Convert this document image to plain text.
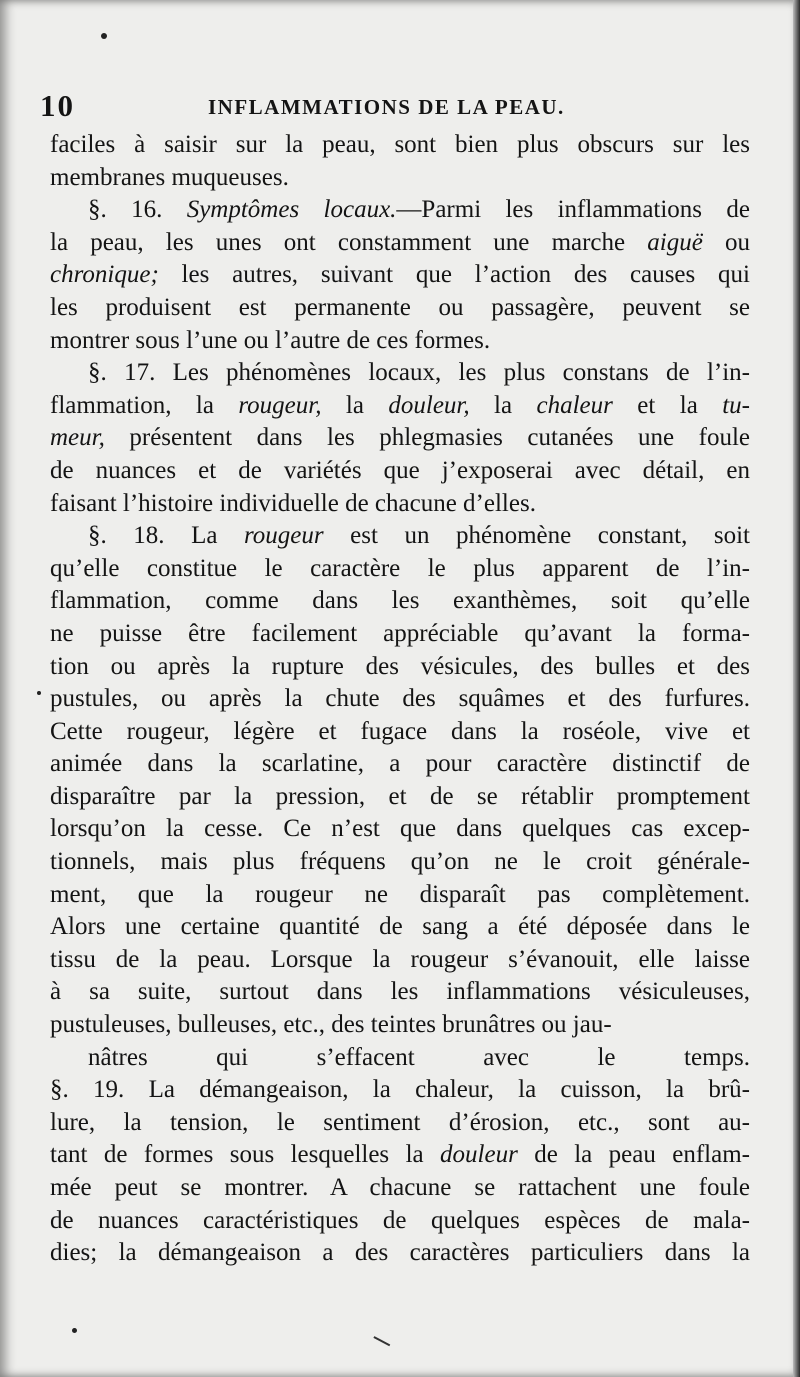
10	INFLAMMATIONS DE LA PEAU.
faciles à saisir sur la peau, sont bien plus obscurs sur les
membranes muqueuses.
§. 16. Symptômes locaux.—Parmi les inflammations de
la peau, les unes ont constamment une marche aiguë ou
chronique; les autres, suivant que l’action des causes qui
les produisent est permanente ou passagère, peuvent se
montrer sous l’une ou l’autre de ces formes.
§. 17. Les phénomènes locaux, les plus constans de l’in-
flammation, la rougeur, la douleur, la chaleur et la tu-
meur, présentent dans les phlegmasies cutanées une foule
de nuances et de variétés que j’exposerai avec détail, en
faisant l’histoire individuelle de chacune d’elles.
§. 18. La rougeur est un phénomène constant, soit
qu’elle constitue le caractère le plus apparent de l’in-
flammation, comme dans les exanthèmes, soit qu’elle
ne puisse être facilement appréciable qu’avant la forma-
tion ou après la rupture des vésicules, des bulles et des
pustules, ou après la chute des squâmes et des furfures.
Cette rougeur, légère et fugace dans la roséole, vive et
animée dans la scarlatine, a pour caractère distinctif de
disparaître par la pression, et de se rétablir promptement
lorsqu’on la cesse. Ce n’est que dans quelques cas excep-
tionnels, mais plus fréquens qu’on ne le croit générale-
ment, que la rougeur ne disparaît pas complètement.
Alors une certaine quantité de sang a été déposée dans le
tissu de la peau. Lorsque la rougeur s’évanouit, elle laisse
à sa suite, surtout dans les inflammations vésiculeuses,
pustuleuses, bulleuses, etc., des teintes brunâtres ou jau-
nâtres qui s’effacent avec le temps.
§. 19. La démangeaison, la chaleur, la cuisson, la brû-
lure, la tension, le sentiment d’érosion, etc., sont au-
tant de formes sous lesquelles la douleur de la peau enflam-
mée peut se montrer. A chacune se rattachent une foule
de nuances caractéristiques de quelques espèces de mala-
dies; la démangeaison a des caractères particuliers dans la
